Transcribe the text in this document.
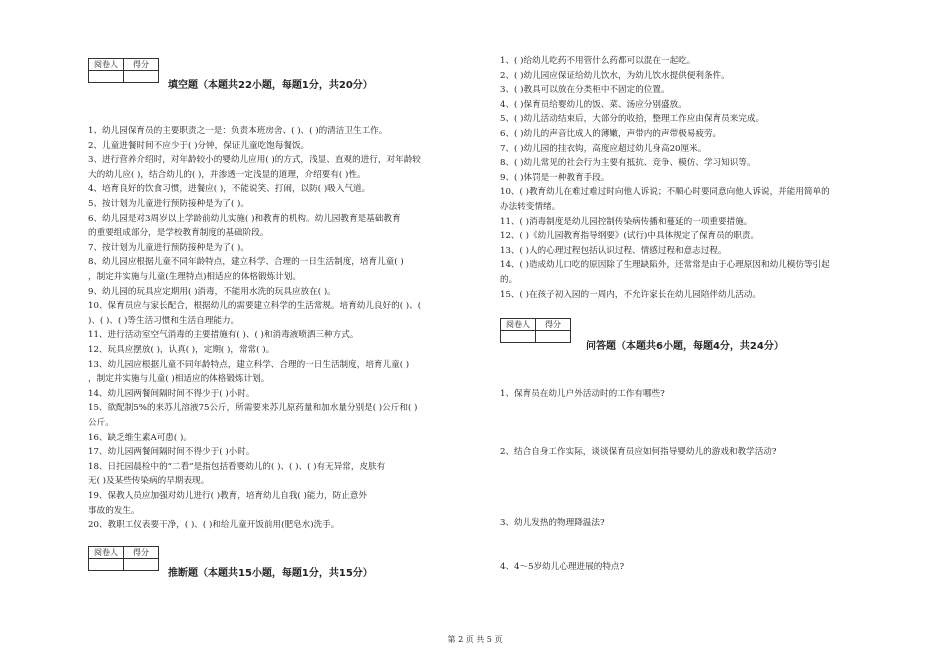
阅卷人	得分

填空题（本题共22小题，每题1分，共20分）
1、幼儿园保育员的主要职责之一是：负责本班房舍、( )、( )的清洁卫生工作。
2、儿童进餐时间不应少于( )分钟，保证儿童吃饱每餐饭。
3、进行营养介绍时，对年龄较小的婴幼儿应用( )的方式，浅显、直观的进行，对年龄较
大的幼儿应( )，结合幼儿的( )，并渗透一定浅显的道理，介绍要有( )性。
4、培育良好的饮食习惯，进餐应( )，不能说笑、打闹，以防( )吸入气道。
5、按计划为儿童进行预防接种是为了( )。
6、幼儿园是对3周岁以上学龄前幼儿实施( )和教育的机构。幼儿园教育是基础教育
的重要组成部分，是学校教育制度的基础阶段。
7、按计划为儿童进行预防接种是为了( )。
8、幼儿园应根据儿童不同年龄特点，建立科学、合理的一日生活制度，培育儿童( )
，制定并实施与儿童(生理特点)相适应的体格锻炼计划。
9、幼儿园的玩具应定期用( )消毒，不能用水洗的玩具应放在( )。
10、保育员应与家长配合，根据幼儿的需要建立科学的生活常规。培育幼儿良好的( )、(
)、( )、( )等生活习惯和生活自理能力。
11、进行活动室空气消毒的主要措施有( )、( )和消毒液喷洒三种方式。
12、玩具应摆放( )，认真( )，定期( )，常常( )。
13、幼儿园应根据儿童不同年龄特点，建立科学、合理的一日生活制度，培育儿童( )
，制定并实施与儿童( )相适应的体格锻炼计划。
14、幼儿园两餐间隔时间不得少于( )小时。
15、欲配制5%的来苏儿溶液75公斤，所需要来苏儿原药量和加水量分别是( )公斤和( )
公斤。
16、缺乏维生素A可患( )。
17、幼儿园两餐间隔时间不得少于( )小时。
18、日托园晨检中的“二看”是指包括看婴幼儿的( )、( )、( )有无异常，皮肤有
无( )及某些传染病的早期表现。
19、保教人员应加强对幼儿进行( )教育，培育幼儿自我( )能力，防止意外
事故的发生。
20、教职工仪表要干净，( )、( )和给儿童开饭前用(肥皂水)洗手。
阅卷人	得分

推断题（本题共15小题，每题1分，共15分）
1、( )给幼儿吃药不用管什么药都可以混在一起吃。
2、( )幼儿园应保证给幼儿饮水，为幼儿饮水提供便利条件。
3、( )教具可以放在分类柜中不固定的位置。
4、( )保育员给婴幼儿的饭、菜、汤应分别盛放。
5、( )幼儿活动结束后，大部分的收拾，整理工作应由保育员来完成。
6、( )幼儿的声音比成人的薄嫩，声带内的声带极易疲劳。
7、( )幼儿园的挂衣钩，高度应超过幼儿身高20厘米。
8、( )幼儿常见的社会行为主要有抵抗、竞争、模仿、学习知识等。
9、( )体罚是一种教育手段。
10、( )教育幼儿在难过难过时向他人诉说；不顺心时要同意向他人诉说，并能用简单的
办法转变情绪。
11、( )消毒制度是幼儿园控制传染病传播和蔓延的一项重要措施。
12、( )《幼儿园教育指导纲要》(试行)中具体规定了保育员的职责。
13、( )人的心理过程包括认识过程、情感过程和意志过程。
14、( )造成幼儿口吃的原因除了生理缺陷外，还常常是由于心理原因和幼儿模仿等引起
的。
15、( )在孩子初入园的一周内，不允许家长在幼儿园陪伴幼儿活动。
阅卷人	得分

问答题（本题共6小题，每题4分，共24分）
1、保育员在幼儿户外活动时的工作有哪些?
2、结合自身工作实际，谈谈保育员应如何指导婴幼儿的游戏和教学活动?
3、幼儿发热的物理降温法?
4、4～5岁幼儿心理进展的特点?
第 2 页 共 5 页
